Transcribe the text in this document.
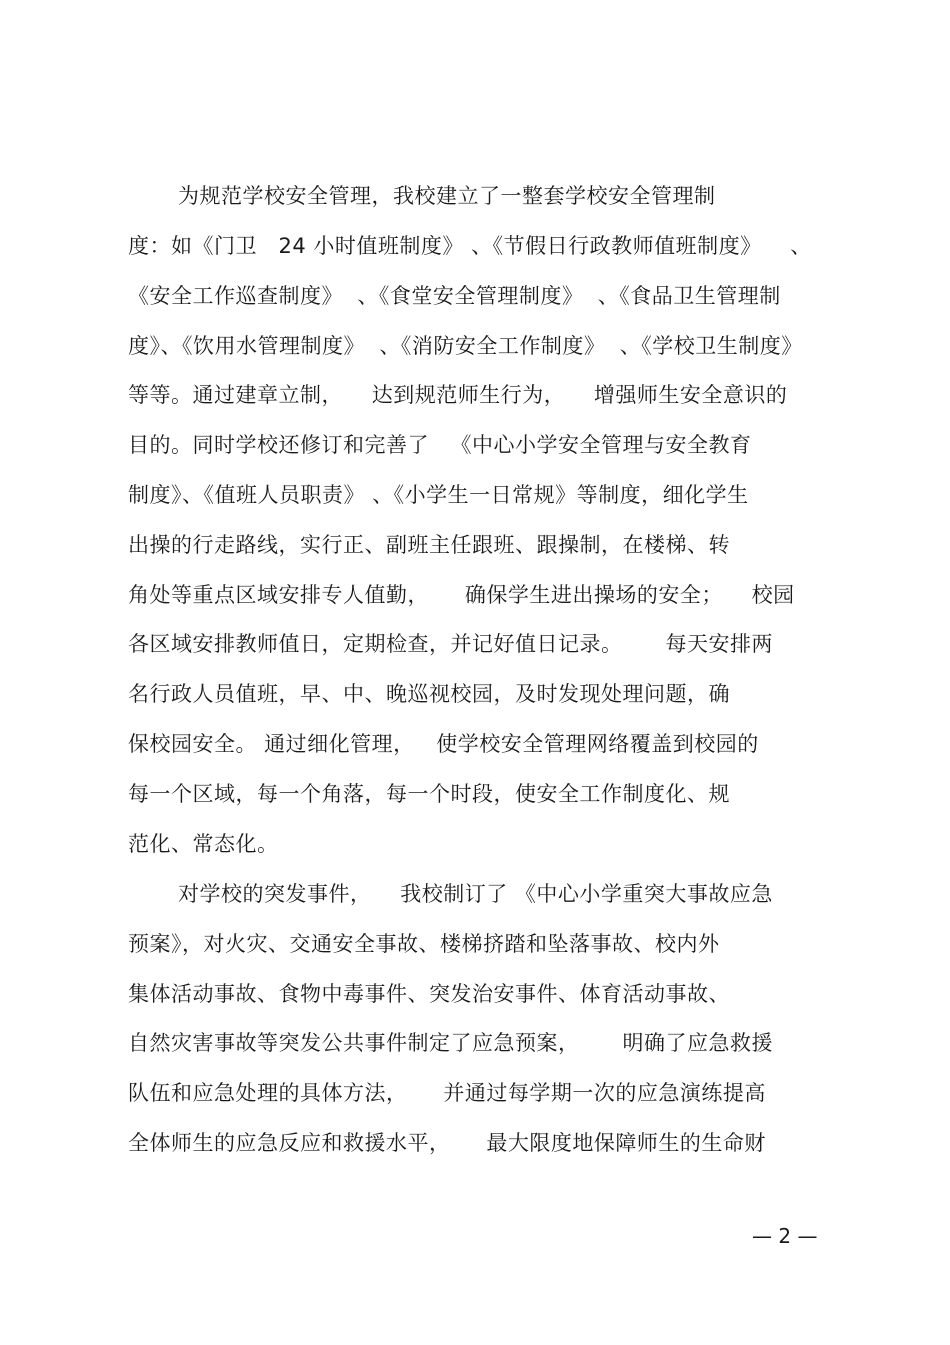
为规范学校安全管理，我校建立了一整套学校安全管理制
度：如《门卫   24 小时值班制度》 、《节假日行政教师值班制度》    、
《安全工作巡查制度》  、《食堂安全管理制度》  、《食品卫生管理制
度》、《饮用水管理制度》  、《消防安全工作制度》  、《学校卫生制度》
等等。通过建章立制，    达到规范师生行为，    增强师生安全意识的
目的。同时学校还修订和完善了   《中心小学安全管理与安全教育
制度》、《值班人员职责》 、《小学生一日常规》等制度，细化学生
出操的行走路线，实行正、副班主任跟班、跟操制，在楼梯、转
角处等重点区域安排专人值勤，     确保学生进出操场的安全；    校园
各区域安排教师值日，定期检查，并记好值日记录。      每天安排两
名行政人员值班，早、中、晚巡视校园，及时发现处理问题，确
保校园安全。 通过细化管理，   使学校安全管理网络覆盖到校园的
每一个区域，每一个角落，每一个时段，使安全工作制度化、规
范化、常态化。
对学校的突发事件，    我校制订了 《中心小学重突大事故应急
预案》，对火灾、交通安全事故、楼梯挤踏和坠落事故、校内外
集体活动事故、食物中毒事件、突发治安事件、体育活动事故、
自然灾害事故等突发公共事件制定了应急预案，      明确了应急救援
队伍和应急处理的具体方法，     并通过每学期一次的应急演练提高
全体师生的应急反应和救援水平，     最大限度地保障师生的生命财
— 2 —
